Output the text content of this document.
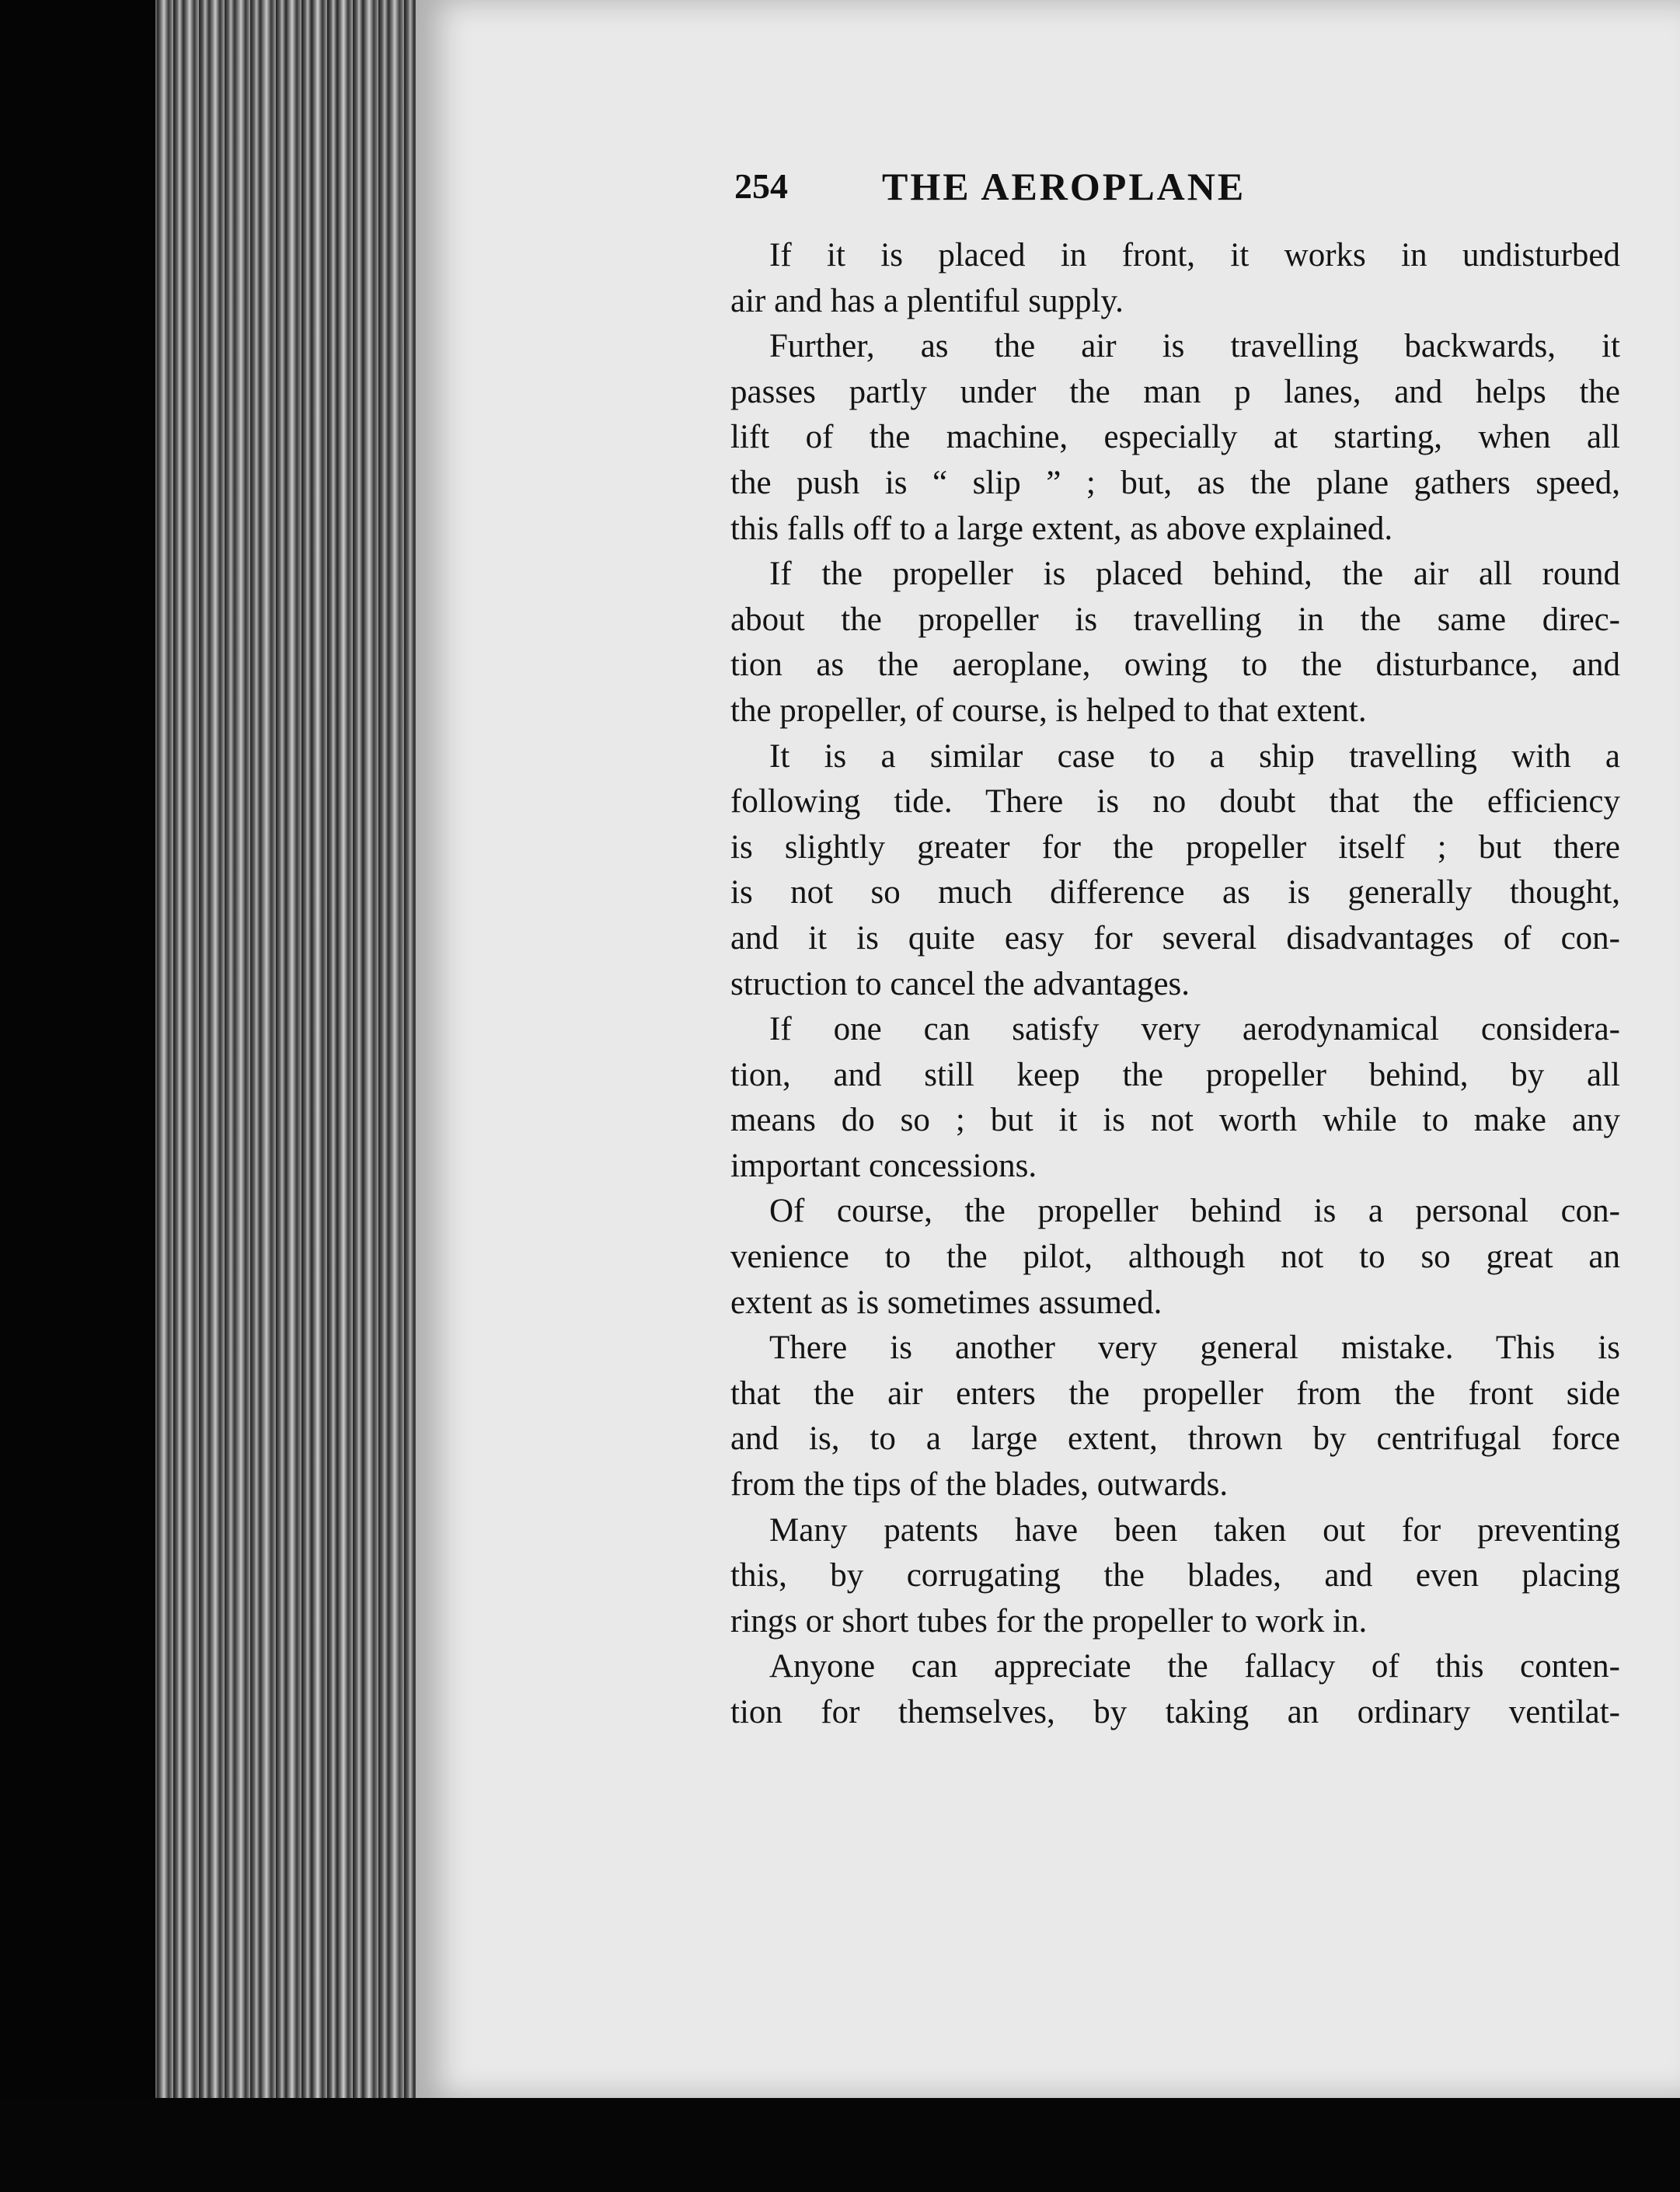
254 THE AEROPLANE
If it is placed in front, it works in undisturbed
air and has a plentiful supply.
Further, as the air is travelling backwards, it
passes partly under the man p lanes, and helps the
lift of the machine, especially at starting, when all
the push is “ slip ” ; but, as the plane gathers speed,
this falls off to a large extent, as above explained.
If the propeller is placed behind, the air all round
about the propeller is travelling in the same direc-
tion as the aeroplane, owing to the disturbance, and
the propeller, of course, is helped to that extent.
It is a similar case to a ship travelling with a
following tide. There is no doubt that the efficiency
is slightly greater for the propeller itself ; but there
is not so much difference as is generally thought,
and it is quite easy for several disadvantages of con-
struction to cancel the advantages.
If one can satisfy very aerodynamical considera-
tion, and still keep the propeller behind, by all
means do so ; but it is not worth while to make any
important concessions.
Of course, the propeller behind is a personal con-
venience to the pilot, although not to so great an
extent as is sometimes assumed.
There is another very general mistake. This is
that the air enters the propeller from the front side
and is, to a large extent, thrown by centrifugal force
from the tips of the blades, outwards.
Many patents have been taken out for preventing
this, by corrugating the blades, and even placing
rings or short tubes for the propeller to work in.
Anyone can appreciate the fallacy of this conten-
tion for themselves, by taking an ordinary ventilat-
